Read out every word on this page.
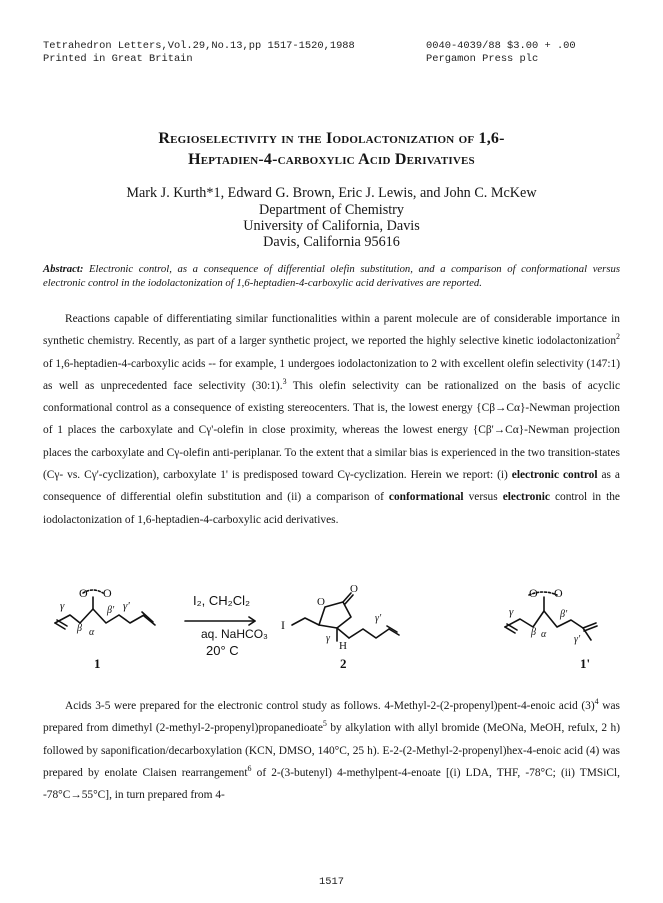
Tetrahedron Letters,Vol.29,No.13,pp 1517-1520,1988
Printed in Great Britain
0040-4039/88 $3.00 + .00
Pergamon Press plc
Regioselectivity in the Iodolactonization of 1,6-
Heptadien-4-carboxylic Acid Derivatives
Mark J. Kurth*1, Edward G. Brown, Eric J. Lewis, and John C. McKew
Department of Chemistry
University of California, Davis
Davis, California 95616
Abstract: Electronic control, as a consequence of differential olefin substitution, and a comparison of conformational versus electronic control in the iodolactonization of 1,6-heptadien-4-carboxylic acid derivatives are reported.

Reactions capable of differentiating similar functionalities within a parent molecule are of considerable importance in synthetic chemistry. Recently, as part of a larger synthetic project, we reported the highly selective kinetic iodolactonization$^2$ of 1,6-heptadien-4-carboxylic acids -- for example, 1 undergoes iodolactonization to 2 with excellent olefin selectivity (147:1) as well as unprecedented face selectivity (30:1).$^3$ This olefin selectivity can be rationalized on the basis of acyclic conformational control as a consequence of existing stereocenters. That is, the lowest energy {Cβ→Cα}-Newman projection of 1 places the carboxylate and Cγ'-olefin in close proximity, whereas the lowest energy {Cβ'→Cα}-Newman projection places the carboxylate and Cγ-olefin anti-periplanar. To the extent that a similar bias is experienced in the two transition-states (Cγ- vs. Cγ'-cyclization), carboxylate 1' is predisposed toward Cγ-cyclization. Herein we report: (i) electronic control as a consequence of differential olefin substitution and (ii) a comparison of conformational versus electronic control in the iodolactonization of 1,6-heptadien-4-carboxylic acid derivatives.

O O
γ
β α
β' γ'
1
I₂, CH₂Cl₂
aq. NaHCO₃
20° C
I
O
O
H
γ
γ'
2
O O
γ
β α
β'
γ'
1'

Acids 3-5 were prepared for the electronic control study as follows. 4-Methyl-2-(2-propenyl)pent-4-enoic acid $(3)^4$ was prepared from dimethyl (2-methyl-2-propenyl)propanedioate$^5$ by alkylation with allyl bromide (MeONa, MeOH, refulx, 2 h) followed by saponification/decarboxylation (KCN, DMSO, 140°C, 25 h). E-2-(2-Methyl-2-propenyl)hex-4-enoic acid (4) was prepared by enolate Claisen rearrangement$^6$ of 2-(3-butenyl) 4-methylpent-4-enoate [(i) LDA, THF, -78°C; (ii) TMSiCl, -78°C→55°C], in turn prepared from 4-

1517
